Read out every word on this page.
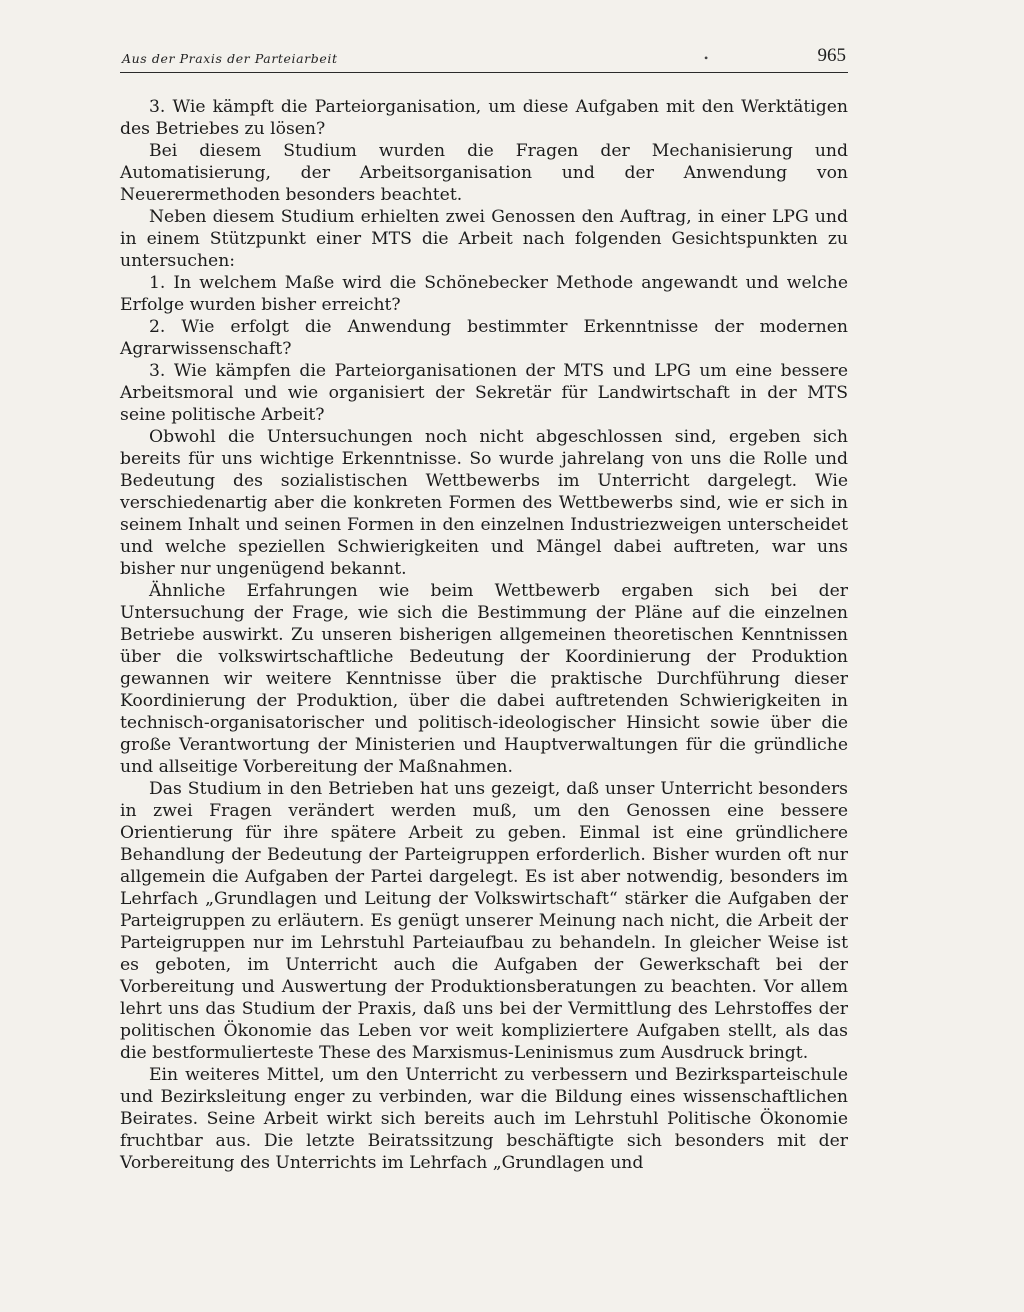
Aus der Praxis der Parteiarbeit	•	965

3. Wie kämpft die Parteiorganisation, um diese Aufgaben mit den Werktätigen des Betriebes zu lösen?

Bei diesem Studium wurden die Fragen der Mechanisierung und Automatisierung, der Arbeitsorganisation und der Anwendung von Neuerermethoden besonders beachtet.

Neben diesem Studium erhielten zwei Genossen den Auftrag, in einer LPG und in einem Stützpunkt einer MTS die Arbeit nach folgenden Gesichtspunkten zu untersuchen:

1. In welchem Maße wird die Schönebecker Methode angewandt und welche Erfolge wurden bisher erreicht?

2. Wie erfolgt die Anwendung bestimmter Erkenntnisse der modernen Agrarwissenschaft?

3. Wie kämpfen die Parteiorganisationen der MTS und LPG um eine bessere Arbeitsmoral und wie organisiert der Sekretär für Landwirtschaft in der MTS seine politische Arbeit?

Obwohl die Untersuchungen noch nicht abgeschlossen sind, ergeben sich bereits für uns wichtige Erkenntnisse. So wurde jahrelang von uns die Rolle und Bedeutung des sozialistischen Wettbewerbs im Unterricht dargelegt. Wie verschiedenartig aber die konkreten Formen des Wettbewerbs sind, wie er sich in seinem Inhalt und seinen Formen in den einzelnen Industriezweigen unterscheidet und welche speziellen Schwierigkeiten und Mängel dabei auftreten, war uns bisher nur ungenügend bekannt.

Ähnliche Erfahrungen wie beim Wettbewerb ergaben sich bei der Untersuchung der Frage, wie sich die Bestimmung der Pläne auf die einzelnen Betriebe auswirkt. Zu unseren bisherigen allgemeinen theoretischen Kenntnissen über die volkswirtschaftliche Bedeutung der Koordinierung der Produktion gewannen wir weitere Kenntnisse über die praktische Durchführung dieser Koordinierung der Produktion, über die dabei auftretenden Schwierigkeiten in technisch-organisatorischer und politisch-ideologischer Hinsicht sowie über die große Verantwortung der Ministerien und Hauptverwaltungen für die gründliche und allseitige Vorbereitung der Maßnahmen.

Das Studium in den Betrieben hat uns gezeigt, daß unser Unterricht besonders in zwei Fragen verändert werden muß, um den Genossen eine bessere Orientierung für ihre spätere Arbeit zu geben. Einmal ist eine gründlichere Behandlung der Bedeutung der Parteigruppen erforderlich. Bisher wurden oft nur allgemein die Aufgaben der Partei dargelegt. Es ist aber notwendig, besonders im Lehrfach „Grundlagen und Leitung der Volkswirtschaft“ stärker die Aufgaben der Parteigruppen zu erläutern. Es genügt unserer Meinung nach nicht, die Arbeit der Parteigruppen nur im Lehrstuhl Parteiaufbau zu behandeln. In gleicher Weise ist es geboten, im Unterricht auch die Aufgaben der Gewerkschaft bei der Vorbereitung und Auswertung der Produktionsberatungen zu beachten. Vor allem lehrt uns das Studium der Praxis, daß uns bei der Vermittlung des Lehrstoffes der politischen Ökonomie das Leben vor weit kompliziertere Aufgaben stellt, als das die bestformulierteste These des Marxismus-Leninismus zum Ausdruck bringt.

Ein weiteres Mittel, um den Unterricht zu verbessern und Bezirksparteischule und Bezirksleitung enger zu verbinden, war die Bildung eines wissenschaftlichen Beirates. Seine Arbeit wirkt sich bereits auch im Lehrstuhl Politische Ökonomie fruchtbar aus. Die letzte Beiratssitzung beschäftigte sich besonders mit der Vorbereitung des Unterrichts im Lehrfach „Grundlagen und
